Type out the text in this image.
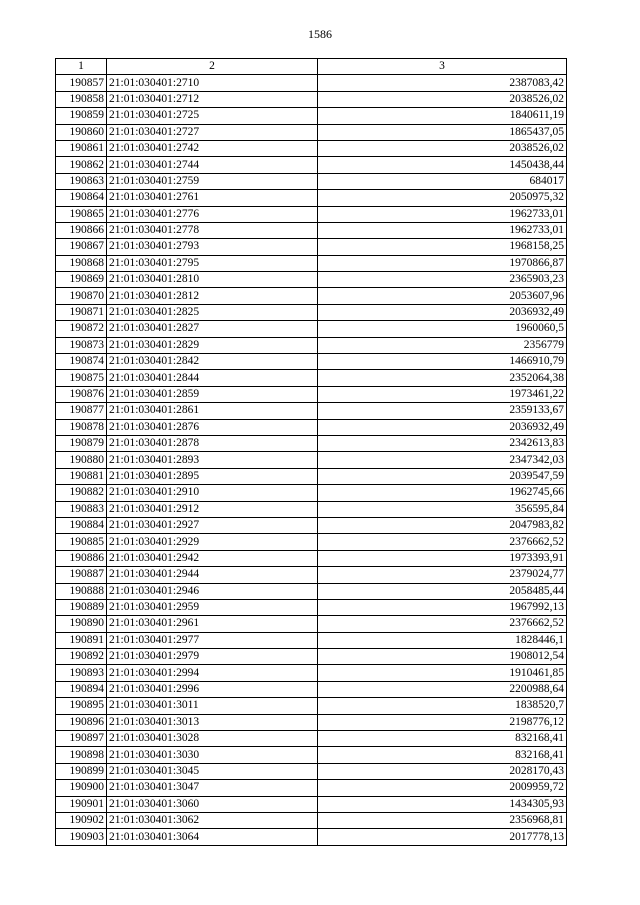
1586
1	2	3
190857	21:01:030401:2710	2387083,42
190858	21:01:030401:2712	2038526,02
190859	21:01:030401:2725	1840611,19
190860	21:01:030401:2727	1865437,05
190861	21:01:030401:2742	2038526,02
190862	21:01:030401:2744	1450438,44
190863	21:01:030401:2759	684017
190864	21:01:030401:2761	2050975,32
190865	21:01:030401:2776	1962733,01
190866	21:01:030401:2778	1962733,01
190867	21:01:030401:2793	1968158,25
190868	21:01:030401:2795	1970866,87
190869	21:01:030401:2810	2365903,23
190870	21:01:030401:2812	2053607,96
190871	21:01:030401:2825	2036932,49
190872	21:01:030401:2827	1960060,5
190873	21:01:030401:2829	2356779
190874	21:01:030401:2842	1466910,79
190875	21:01:030401:2844	2352064,38
190876	21:01:030401:2859	1973461,22
190877	21:01:030401:2861	2359133,67
190878	21:01:030401:2876	2036932,49
190879	21:01:030401:2878	2342613,83
190880	21:01:030401:2893	2347342,03
190881	21:01:030401:2895	2039547,59
190882	21:01:030401:2910	1962745,66
190883	21:01:030401:2912	356595,84
190884	21:01:030401:2927	2047983,82
190885	21:01:030401:2929	2376662,52
190886	21:01:030401:2942	1973393,91
190887	21:01:030401:2944	2379024,77
190888	21:01:030401:2946	2058485,44
190889	21:01:030401:2959	1967992,13
190890	21:01:030401:2961	2376662,52
190891	21:01:030401:2977	1828446,1
190892	21:01:030401:2979	1908012,54
190893	21:01:030401:2994	1910461,85
190894	21:01:030401:2996	2200988,64
190895	21:01:030401:3011	1838520,7
190896	21:01:030401:3013	2198776,12
190897	21:01:030401:3028	832168,41
190898	21:01:030401:3030	832168,41
190899	21:01:030401:3045	2028170,43
190900	21:01:030401:3047	2009959,72
190901	21:01:030401:3060	1434305,93
190902	21:01:030401:3062	2356968,81
190903	21:01:030401:3064	2017778,13
